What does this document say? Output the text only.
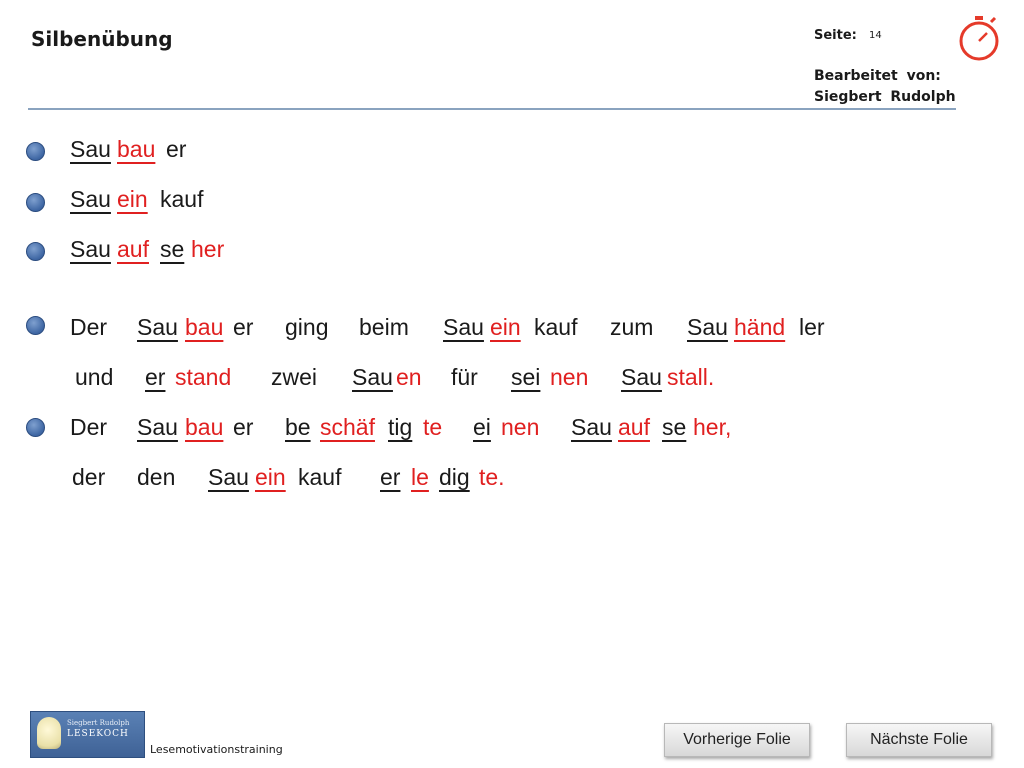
Silbenübung	Seite: 14
Bearbeitet von:
Siegbert Rudolph
Sau bau er
Sau ein kauf
Sau auf se her
Der Sau bau er ging beim Sau ein kauf zum Sau händ ler
und er stand zwei Sau en für sei nen Sau stall.
Der Sau bau er be schäf tig te ei nen Sau auf se her,
der den Sau ein kauf er le dig te.
Siegbert Rudolph
LESEKOCH
Lesemotivationstraining
Vorherige Folie	Nächste Folie
